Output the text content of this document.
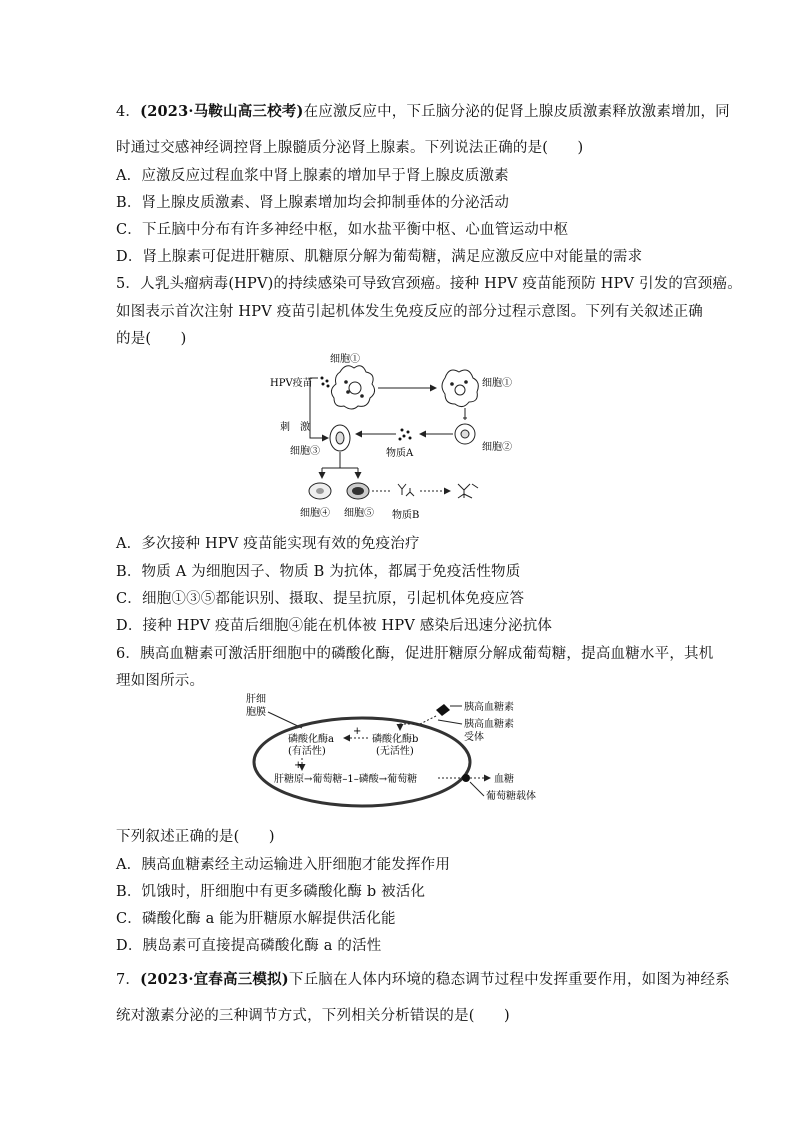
4．(2023·马鞍山高三校考)在应激反应中，下丘脑分泌的促肾上腺皮质激素释放激素增加，同
时通过交感神经调控肾上腺髓质分泌肾上腺素。下列说法正确的是(　　)
A．应激反应过程血浆中肾上腺素的增加早于肾上腺皮质激素
B．肾上腺皮质激素、肾上腺素增加均会抑制垂体的分泌活动
C．下丘脑中分布有许多神经中枢，如水盐平衡中枢、心血管运动中枢
D．肾上腺素可促进肝糖原、肌糖原分解为葡萄糖，满足应激反应中对能量的需求
5．人乳头瘤病毒(HPV)的持续感染可导致宫颈癌。接种 HPV 疫苗能预防 HPV 引发的宫颈癌。
如图表示首次注射 HPV 疫苗引起机体发生免疫反应的部分过程示意图。下列有关叙述正确
的是(　　)
细胞①
HPV疫苗	细胞①
刺　激
细胞②
细胞③	物质A
细胞④ 细胞⑤ 物质B
A．多次接种 HPV 疫苗能实现有效的免疫治疗
B．物质 A 为细胞因子、物质 B 为抗体，都属于免疫活性物质
C．细胞①③⑤都能识别、摄取、提呈抗原，引起机体免疫应答
D．接种 HPV 疫苗后细胞④能在机体被 HPV 感染后迅速分泌抗体
6．胰高血糖素可激活肝细胞中的磷酸化酶，促进肝糖原分解成葡萄糖，提高血糖水平，其机
理如图所示。
肝细
胞膜	胰高血糖素
胰高血糖素
受体
磷酸化酶a
(有活性)
磷酸化酶b
(无活性)
+
+
肝糖原→葡萄糖–1–磷酸→葡萄糖	血糖
葡萄糖载体
下列叙述正确的是(　　)
A．胰高血糖素经主动运输进入肝细胞才能发挥作用
B．饥饿时，肝细胞中有更多磷酸化酶 b 被活化
C．磷酸化酶 a 能为肝糖原水解提供活化能
D．胰岛素可直接提高磷酸化酶 a 的活性
7．(2023·宜春高三模拟)下丘脑在人体内环境的稳态调节过程中发挥重要作用，如图为神经系
统对激素分泌的三种调节方式，下列相关分析错误的是(　　)
